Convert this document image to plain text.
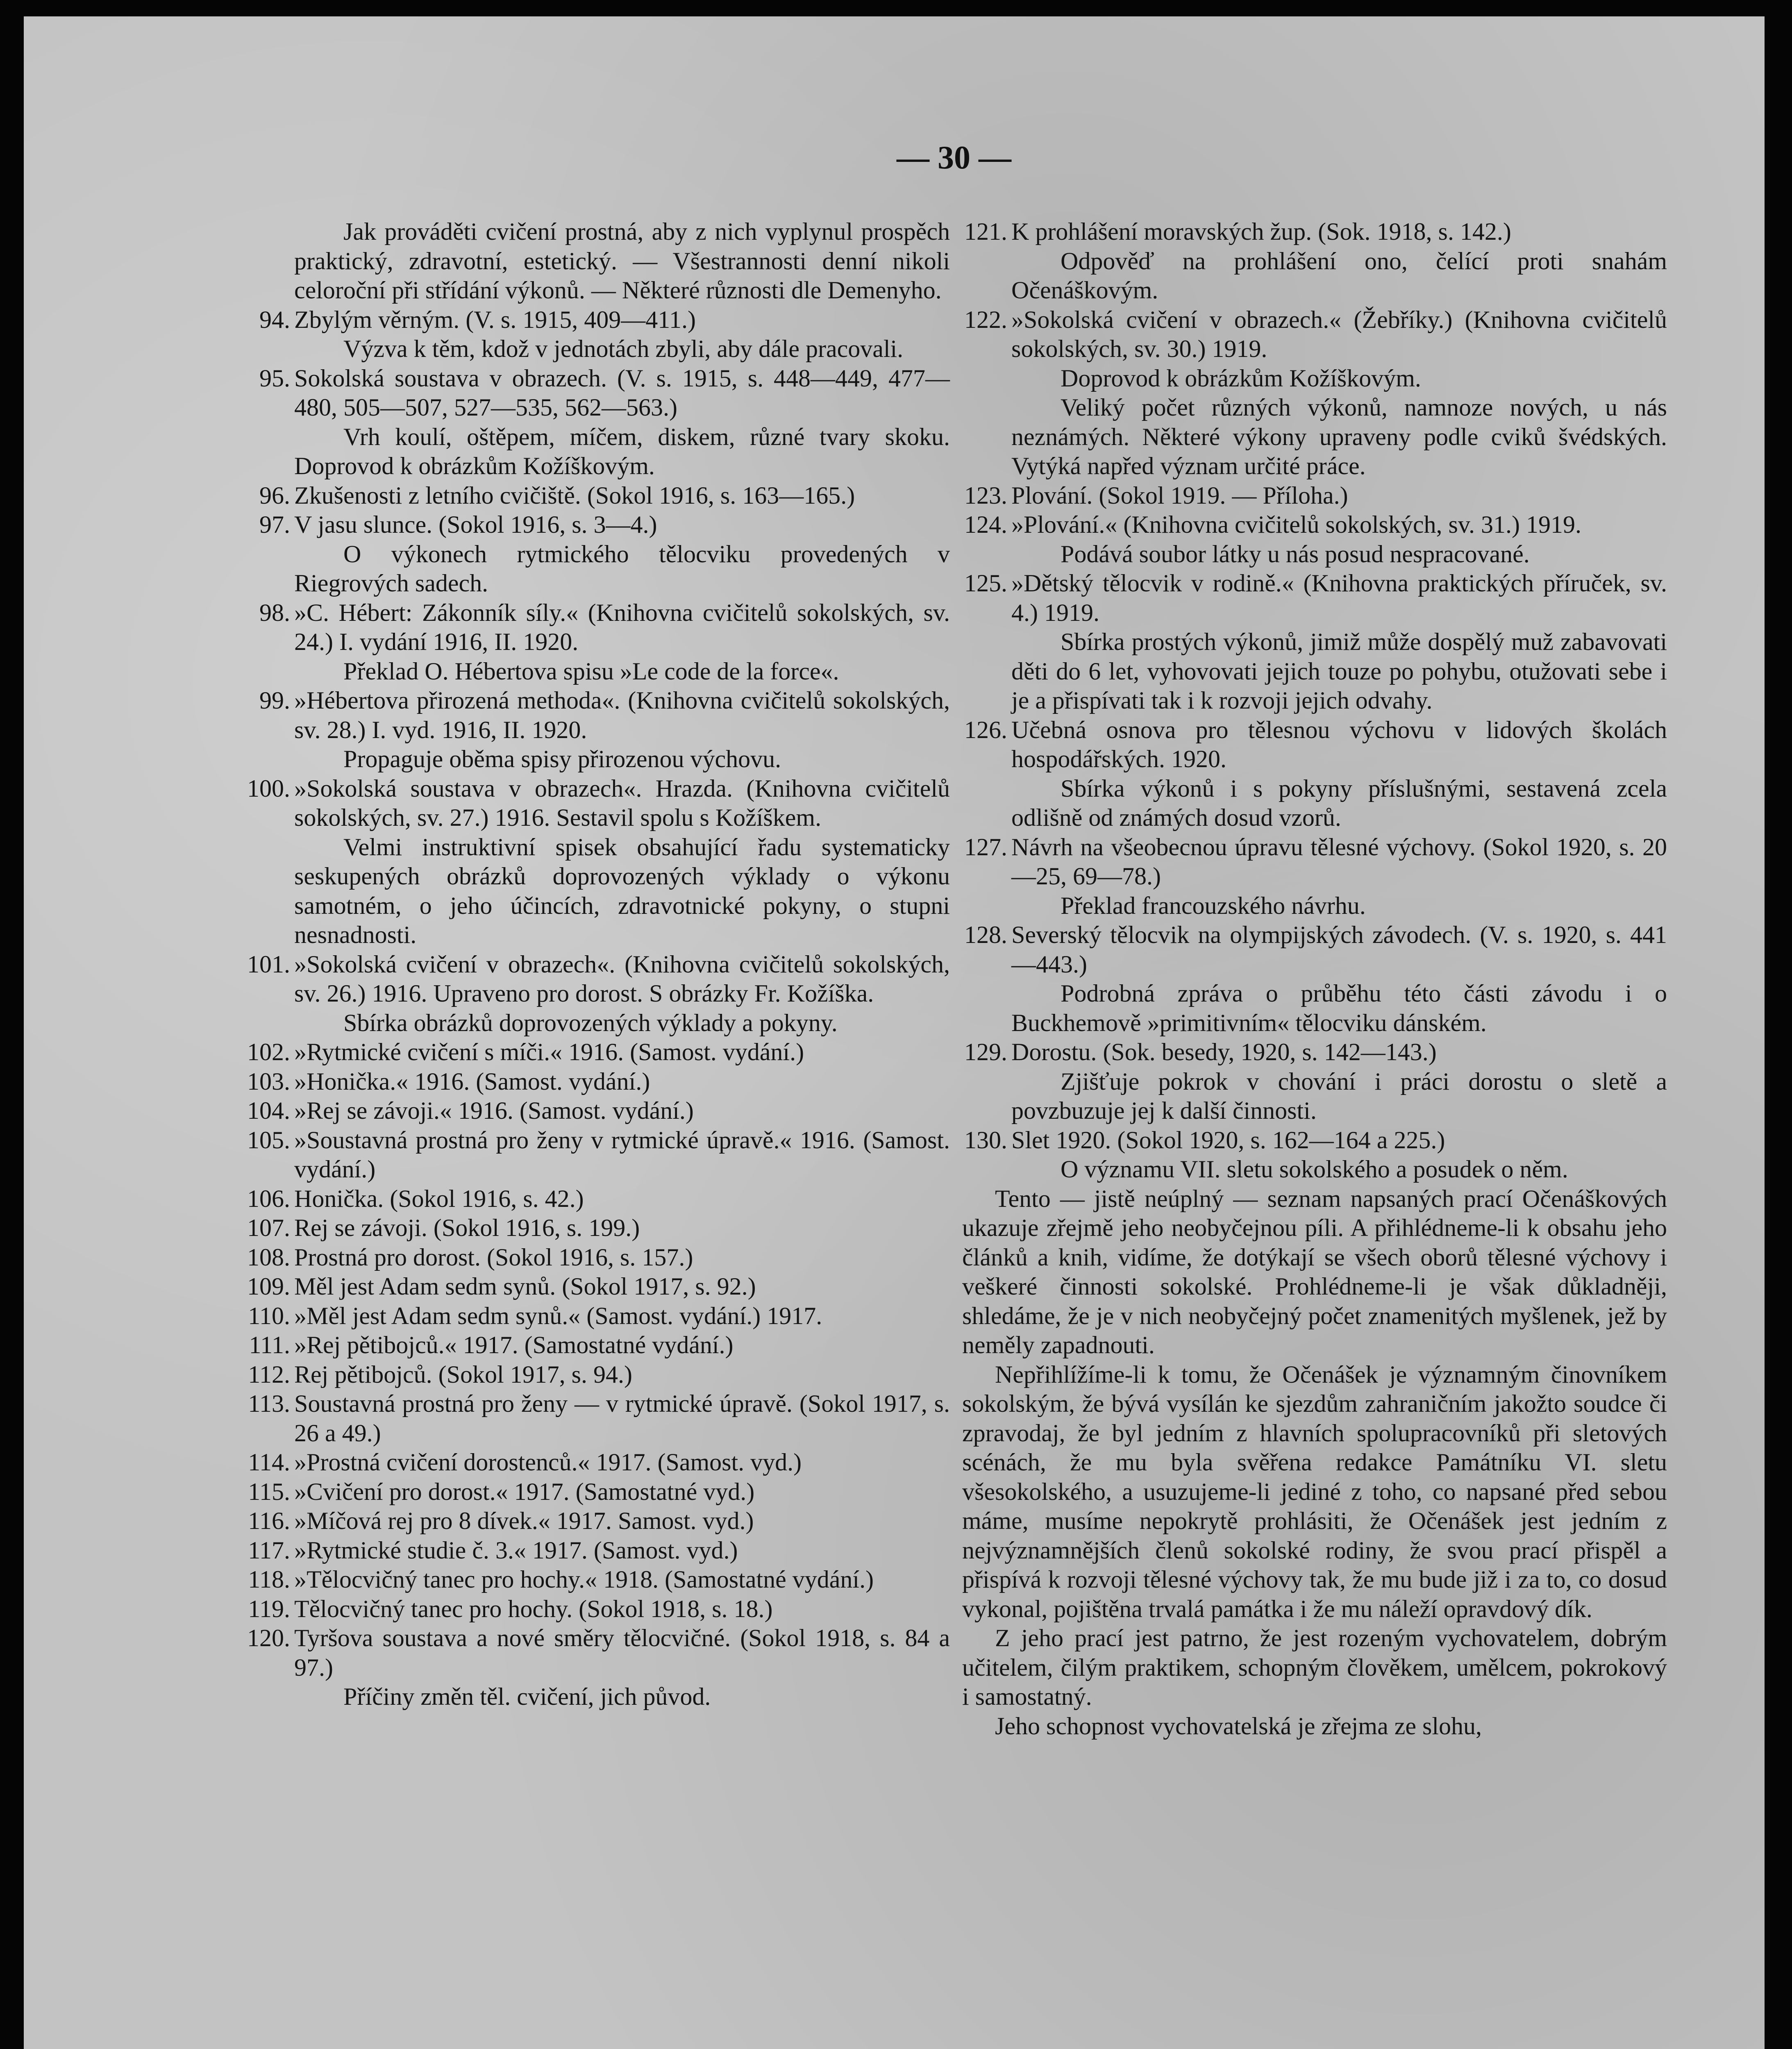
— 30 —
Jak prováděti cvičení prostná, aby z nich vyplynul prospěch praktický, zdravotní, estetický. — Všestrannosti denní nikoli celoroční při střídání výkonů. — Některé různosti dle Demenyho.
94. Zbylým věrným. (V. s. 1915, 409—411.)
Výzva k těm, kdož v jednotách zbyli, aby dále pracovali.
95. Sokolská soustava v obrazech. (V. s. 1915, s. 448—449, 477—480, 505—507, 527—535, 562—563.)
Vrh koulí, oštěpem, míčem, diskem, různé tvary skoku. Doprovod k obrázkům Kožíškovým.
96. Zkušenosti z letního cvičiště. (Sokol 1916, s. 163—165.)
97. V jasu slunce. (Sokol 1916, s. 3—4.)
O výkonech rytmického tělocviku provedených v Riegrových sadech.
98. »C. Hébert: Zákonník síly.« (Knihovna cvičitelů sokolských, sv. 24.) I. vydání 1916, II. 1920.
Překlad O. Hébertova spisu »Le code de la force«.
99. »Hébertova přirozená methoda«. (Knihovna cvičitelů sokolských, sv. 28.) I. vyd. 1916, II. 1920.
Propaguje oběma spisy přirozenou výchovu.
100. »Sokolská soustava v obrazech«. Hrazda. (Knihovna cvičitelů sokolských, sv. 27.) 1916. Sestavil spolu s Kožíškem.
Velmi instruktivní spisek obsahující řadu systematicky seskupených obrázků doprovozených výklady o výkonu samotném, o jeho účincích, zdravotnické pokyny, o stupni nesnadnosti.
101. »Sokolská cvičení v obrazech«. (Knihovna cvičitelů sokolských, sv. 26.) 1916. Upraveno pro dorost. S obrázky Fr. Kožíška.
Sbírka obrázků doprovozených výklady a pokyny.
102. »Rytmické cvičení s míči.« 1916. (Samost. vydání.)
103. »Honička.« 1916. (Samost. vydání.)
104. »Rej se závoji.« 1916. (Samost. vydání.)
105. »Soustavná prostná pro ženy v rytmické úpravě.« 1916. (Samost. vydání.)
106. Honička. (Sokol 1916, s. 42.)
107. Rej se závoji. (Sokol 1916, s. 199.)
108. Prostná pro dorost. (Sokol 1916, s. 157.)
109. Měl jest Adam sedm synů. (Sokol 1917, s. 92.)
110. »Měl jest Adam sedm synů.« (Samost. vydání.) 1917.
111. »Rej pětibojců.« 1917. (Samostatné vydání.)
112. Rej pětibojců. (Sokol 1917, s. 94.)
113. Soustavná prostná pro ženy — v rytmické úpravě. (Sokol 1917, s. 26 a 49.)
114. »Prostná cvičení dorostenců.« 1917. (Samost. vyd.)
115. »Cvičení pro dorost.« 1917. (Samostatné vyd.)
116. »Míčová rej pro 8 dívek.« 1917. Samost. vyd.)
117. »Rytmické studie č. 3.« 1917. (Samost. vyd.)
118. »Tělocvičný tanec pro hochy.« 1918. (Samostatné vydání.)
119. Tělocvičný tanec pro hochy. (Sokol 1918, s. 18.)
120. Tyršova soustava a nové směry tělocvičné. (Sokol 1918, s. 84 a 97.)
Příčiny změn těl. cvičení, jich původ.
121. K prohlášení moravských žup. (Sok. 1918, s. 142.)
Odpověď na prohlášení ono, čelící proti snahám Očenáškovým.
122. »Sokolská cvičení v obrazech.« (Žebříky.) (Knihovna cvičitelů sokolských, sv. 30.) 1919.
Doprovod k obrázkům Kožíškovým.
Veliký počet různých výkonů, namnoze nových, u nás neznámých. Některé výkony upraveny podle cviků švédských. Vytýká napřed význam určité práce.
123. Plování. (Sokol 1919. — Příloha.)
124. »Plování.« (Knihovna cvičitelů sokolských, sv. 31.) 1919.
Podává soubor látky u nás posud nespracované.
125. »Dětský tělocvik v rodině.« (Knihovna praktických příruček, sv. 4.) 1919.
Sbírka prostých výkonů, jimiž může dospělý muž zabavovati děti do 6 let, vyhovovati jejich touze po pohybu, otužovati sebe i je a přispívati tak i k rozvoji jejich odvahy.
126. Učebná osnova pro tělesnou výchovu v lidových školách hospodářských. 1920.
Sbírka výkonů i s pokyny příslušnými, sestavená zcela odlišně od známých dosud vzorů.
127. Návrh na všeobecnou úpravu tělesné výchovy. (Sokol 1920, s. 20—25, 69—78.)
Překlad francouzského návrhu.
128. Severský tělocvik na olympijských závodech. (V. s. 1920, s. 441—443.)
Podrobná zpráva o průběhu této části závodu i o Buckhemově »primitivním« tělocviku dánském.
129. Dorostu. (Sok. besedy, 1920, s. 142—143.)
Zjišťuje pokrok v chování i práci dorostu o sletě a povzbuzuje jej k další činnosti.
130. Slet 1920. (Sokol 1920, s. 162—164 a 225.)
O významu VII. sletu sokolského a posudek o něm.

Tento — jistě neúplný — seznam napsaných prací Očenáškových ukazuje zřejmě jeho neobyčejnou píli. A přihlédneme-li k obsahu jeho článků a knih, vidíme, že dotýkají se všech oborů tělesné výchovy i veškeré činnosti sokolské. Prohlédneme-li je však důkladněji, shledáme, že je v nich neobyčejný počet znamenitých myšlenek, jež by neměly zapadnouti.

Nepřihlížíme-li k tomu, že Očenášek je významným činovníkem sokolským, že bývá vysílán ke sjezdům zahraničním jakožto soudce či zpravodaj, že byl jedním z hlavních spolupracovníků při sletových scénách, že mu byla svěřena redakce Památníku VI. sletu všesokolského, a usuzujeme-li jediné z toho, co napsané před sebou máme, musíme nepokrytě prohlásiti, že Očenášek jest jedním z nejvýznamnějších členů sokolské rodiny, že svou prací přispěl a přispívá k rozvoji tělesné výchovy tak, že mu bude již i za to, co dosud vykonal, pojištěna trvalá památka i že mu náleží opravdový dík.

Z jeho prací jest patrno, že jest rozeným vychovatelem, dobrým učitelem, čilým praktikem, schopným člověkem, umělcem, pokrokový i samostatný.

Jeho schopnost vychovatelská je zřejma ze slohu,
